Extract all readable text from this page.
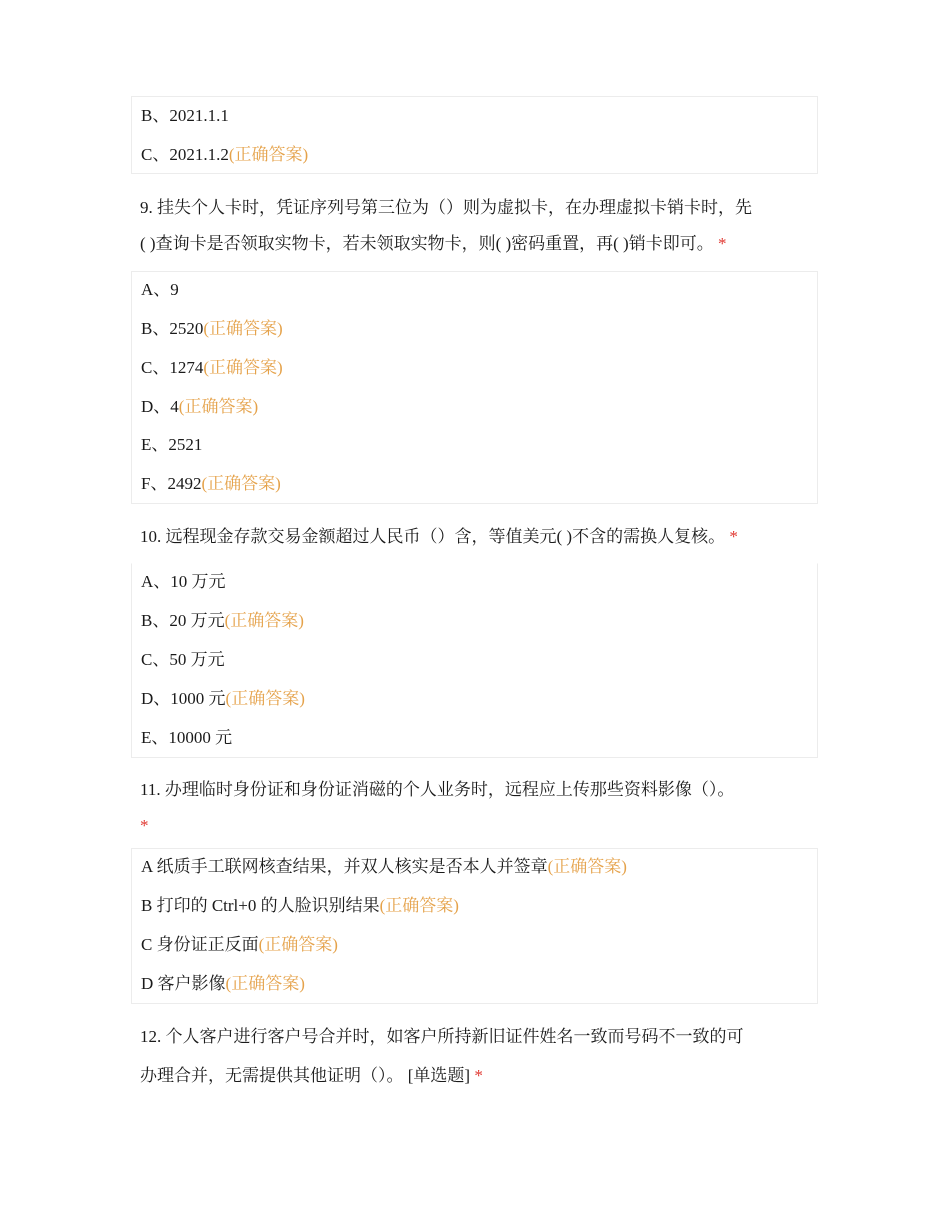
B、2021.1.1
C、2021.1.2(正确答案)
9. 挂失个人卡时，凭证序列号第三位为（）则为虚拟卡，在办理虚拟卡销卡时，先
( )查询卡是否领取实物卡，若未领取实物卡，则( )密码重置，再( )销卡即可。 *
A、9
B、2520(正确答案)
C、1274(正确答案)
D、4(正确答案)
E、2521
F、2492(正确答案)
10. 远程现金存款交易金额超过人民币（）含，等值美元( )不含的需换人复核。 *
A、10 万元
B、20 万元(正确答案)
C、50 万元
D、1000 元(正确答案)
E、10000 元
11. 办理临时身份证和身份证消磁的个人业务时，远程应上传那些资料影像（）。
*
A 纸质手工联网核查结果，并双人核实是否本人并签章(正确答案)
B 打印的 Ctrl+0 的人脸识别结果(正确答案)
C 身份证正反面(正确答案)
D 客户影像(正确答案)
12. 个人客户进行客户号合并时，如客户所持新旧证件姓名一致而号码不一致的可
办理合并，无需提供其他证明（）。 [单选题] *
